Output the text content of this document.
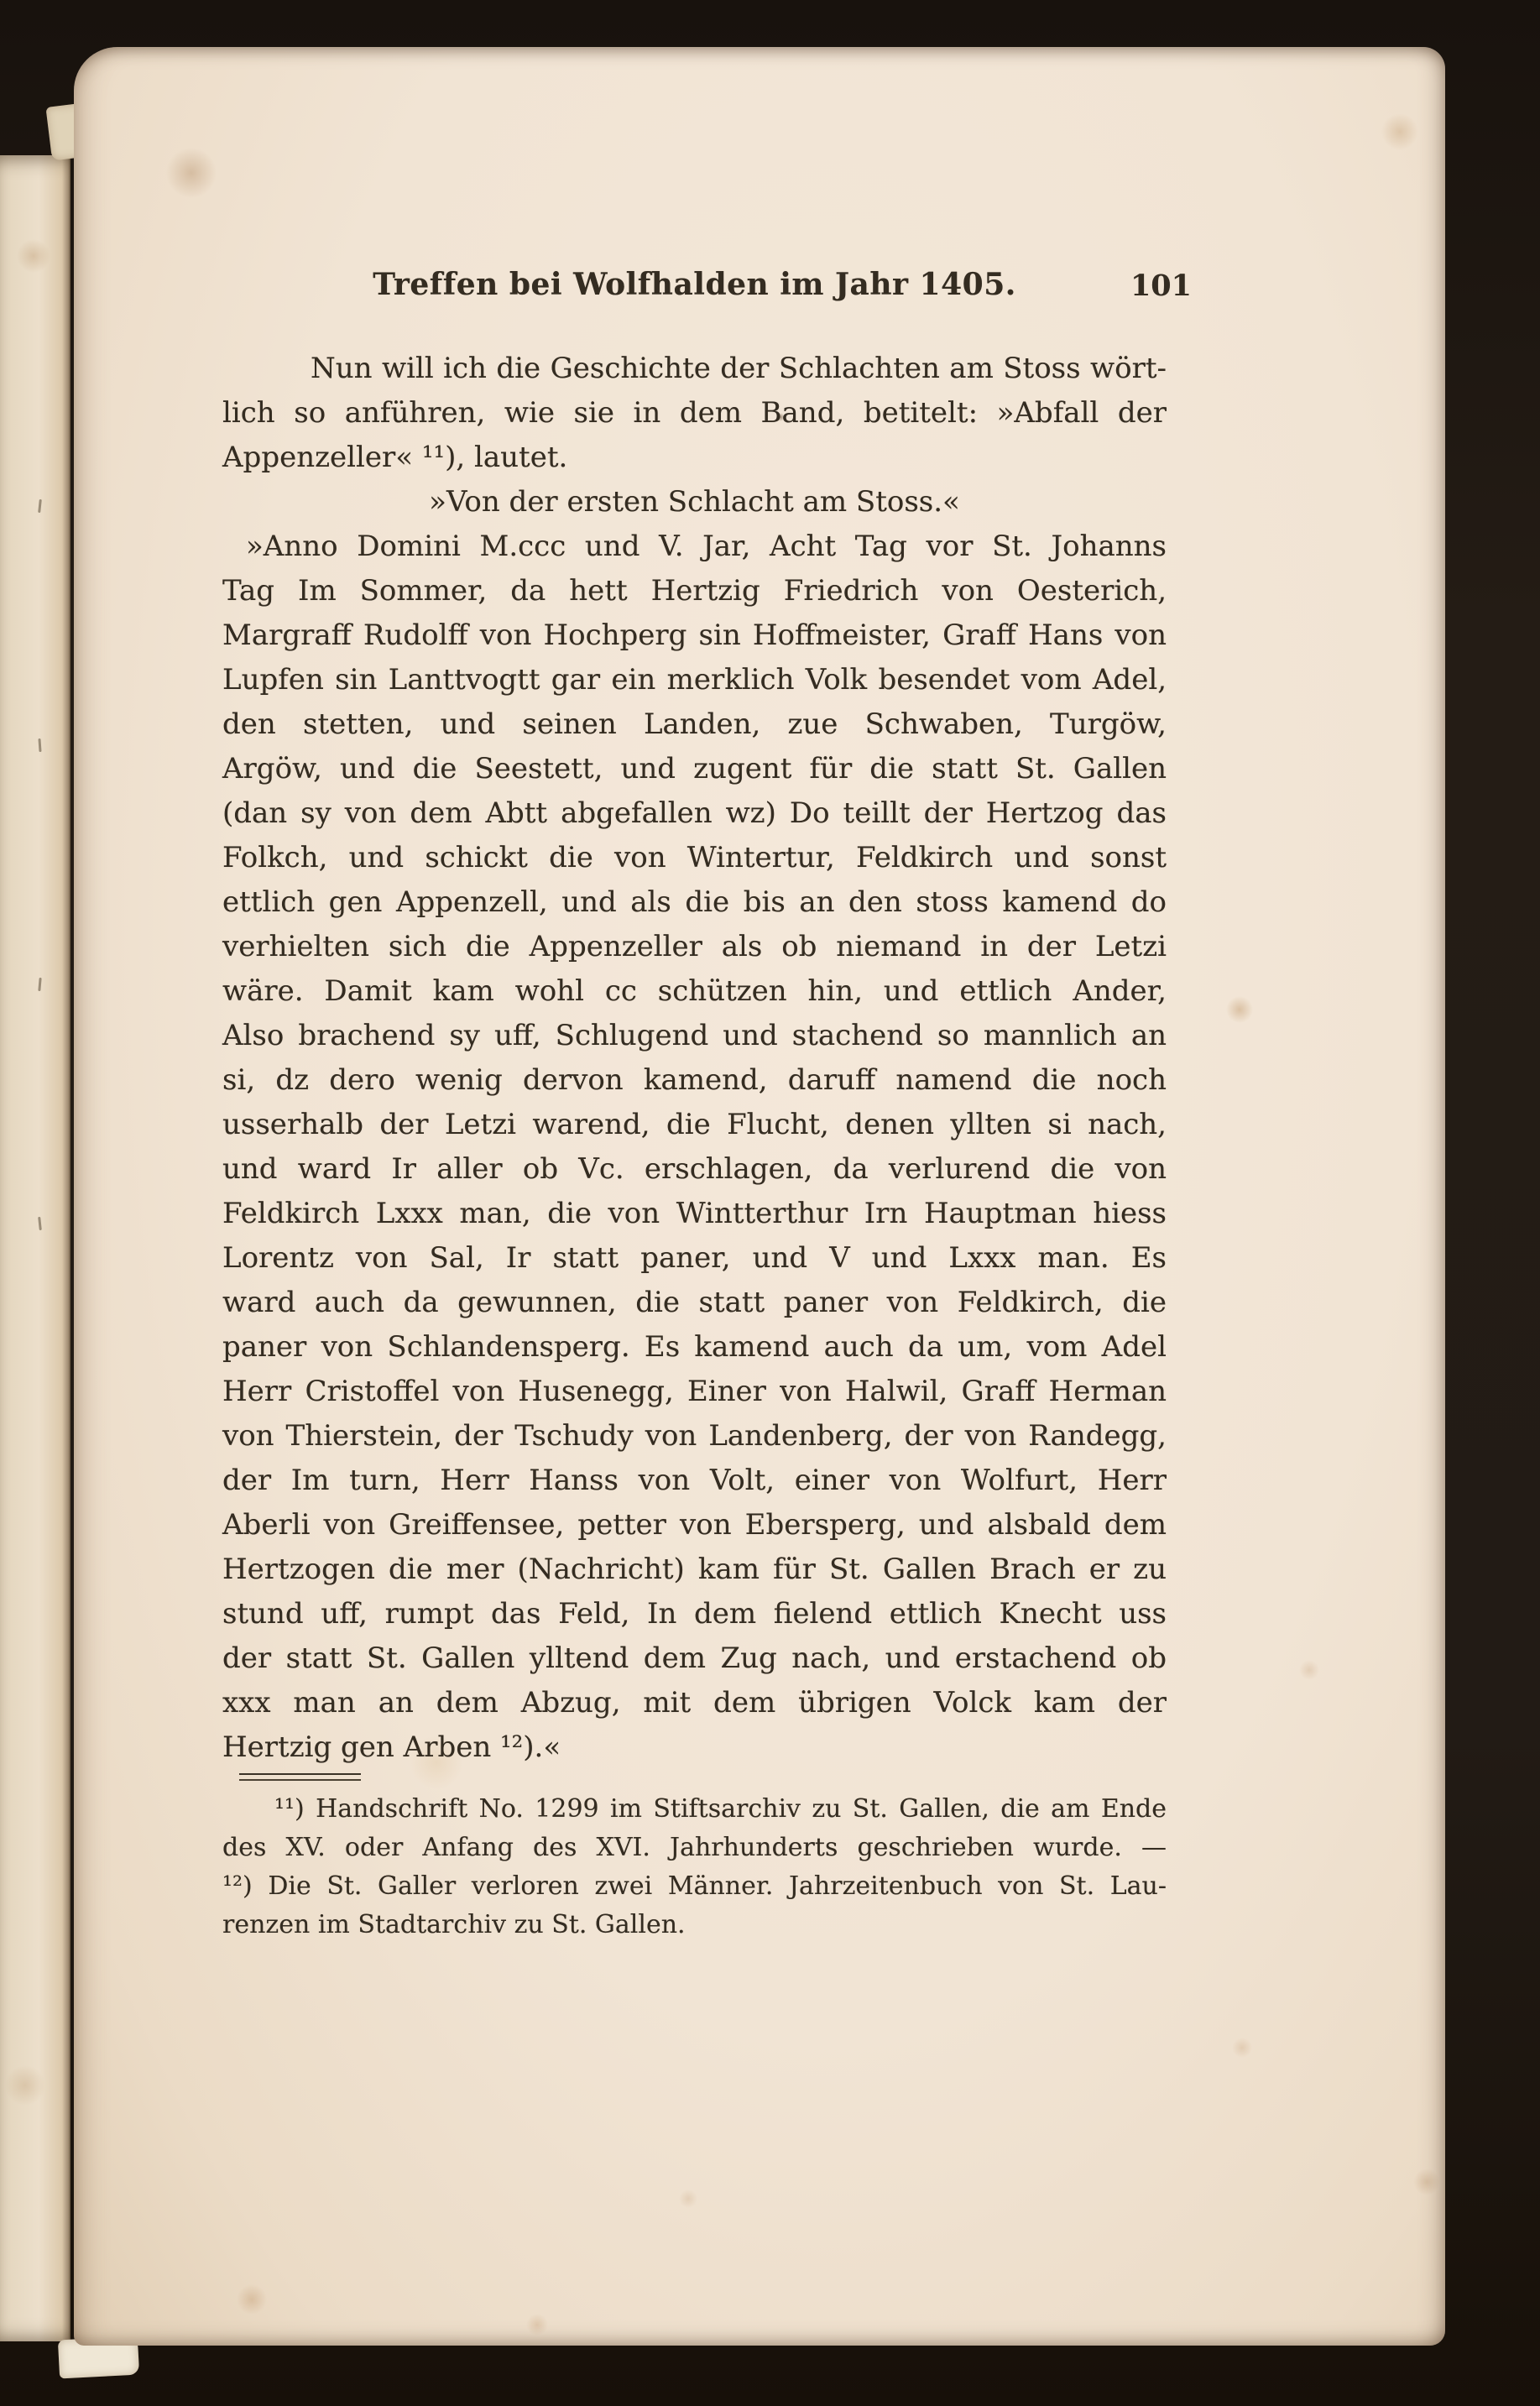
Treffen bei Wolfhalden im Jahr 1405.	101
Nun will ich die Geschichte der Schlachten am Stoss wört-
lich so anführen, wie sie in dem Band, betitelt: »Abfall der
Appenzeller« ¹¹), lautet.
»Von der ersten Schlacht am Stoss.«
»Anno Domini M.ccc und V. Jar, Acht Tag vor St. Johanns
Tag Im Sommer, da hett Hertzig Friedrich von Oesterich,
Margraff Rudolff von Hochperg sin Hoffmeister, Graff Hans von
Lupfen sin Lanttvogtt gar ein merklich Volk besendet vom Adel,
den stetten, und seinen Landen, zue Schwaben, Turgöw,
Argöw, und die Seestett, und zugent für die statt St. Gallen
(dan sy von dem Abtt abgefallen wz) Do teillt der Hertzog das
Folkch, und schickt die von Wintertur, Feldkirch und sonst
ettlich gen Appenzell, und als die bis an den stoss kamend do
verhielten sich die Appenzeller als ob niemand in der Letzi
wäre. Damit kam wohl cc schützen hin, und ettlich Ander,
Also brachend sy uff, Schlugend und stachend so mannlich an
si, dz dero wenig dervon kamend, daruff namend die noch
usserhalb der Letzi warend, die Flucht, denen yllten si nach,
und ward Ir aller ob Vc. erschlagen, da verlurend die von
Feldkirch Lxxx man, die von Wintterthur Irn Hauptman hiess
Lorentz von Sal, Ir statt paner, und V und Lxxx man. Es
ward auch da gewunnen, die statt paner von Feldkirch, die
paner von Schlandensperg. Es kamend auch da um, vom Adel
Herr Cristoffel von Husenegg, Einer von Halwil, Graff Herman
von Thierstein, der Tschudy von Landenberg, der von Randegg,
der Im turn, Herr Hanss von Volt, einer von Wolfurt, Herr
Aberli von Greiffensee, petter von Ebersperg, und alsbald dem
Hertzogen die mer (Nachricht) kam für St. Gallen Brach er zu
stund uff, rumpt das Feld, In dem fielend ettlich Knecht uss
der statt St. Gallen ylltend dem Zug nach, und erstachend ob
xxx man an dem Abzug, mit dem übrigen Volck kam der
Hertzig gen Arben ¹²).«
¹¹) Handschrift No. 1299 im Stiftsarchiv zu St. Gallen, die am Ende
des XV. oder Anfang des XVI. Jahrhunderts geschrieben wurde. —
¹²) Die St. Galler verloren zwei Männer. Jahrzeitenbuch von St. Lau-
renzen im Stadtarchiv zu St. Gallen.
